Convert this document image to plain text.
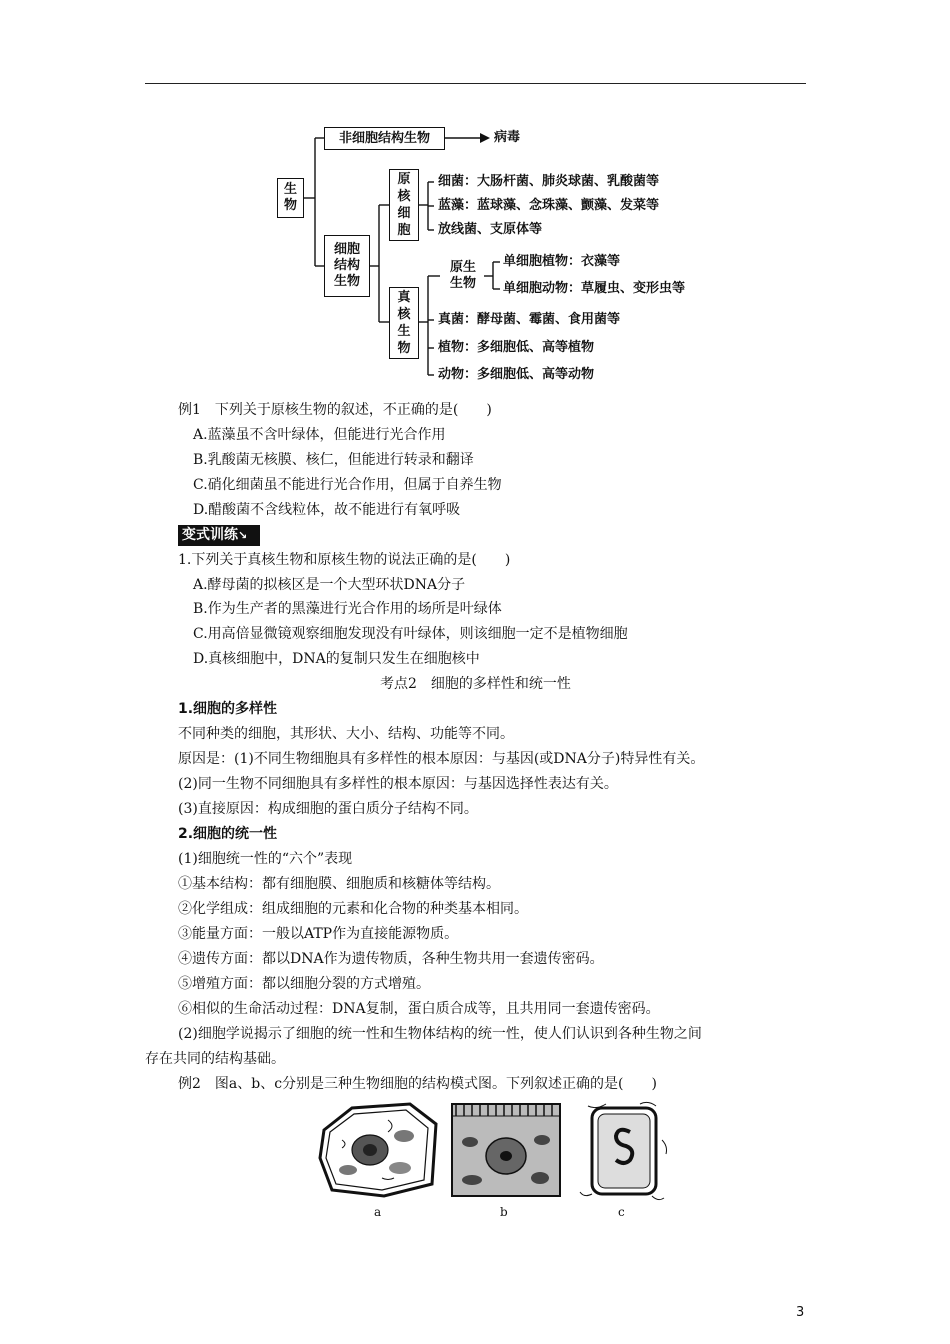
生物
非细胞结构生物	病毒
细胞结构生物
原核细胞
真核生物
原生生物
细菌：大肠杆菌、肺炎球菌、乳酸菌等
蓝藻：蓝球藻、念珠藻、颤藻、发菜等
放线菌、支原体等
单细胞植物：衣藻等
单细胞动物：草履虫、变形虫等
真菌：酵母菌、霉菌、食用菌等
植物：多细胞低、高等植物
动物：多细胞低、高等动物
例1　下列关于原核生物的叙述，不正确的是(　　)
A.蓝藻虽不含叶绿体，但能进行光合作用
B.乳酸菌无核膜、核仁，但能进行转录和翻译
C.硝化细菌虽不能进行光合作用，但属于自养生物
D.醋酸菌不含线粒体，故不能进行有氧呼吸
变式训练↘
1.下列关于真核生物和原核生物的说法正确的是(　　)
A.酵母菌的拟核区是一个大型环状DNA分子
B.作为生产者的黑藻进行光合作用的场所是叶绿体
C.用高倍显微镜观察细胞发现没有叶绿体，则该细胞一定不是植物细胞
D.真核细胞中，DNA的复制只发生在细胞核中
考点2　细胞的多样性和统一性
1.细胞的多样性
不同种类的细胞，其形状、大小、结构、功能等不同。
原因是：(1)不同生物细胞具有多样性的根本原因：与基因(或DNA分子)特异性有关。
(2)同一生物不同细胞具有多样性的根本原因：与基因选择性表达有关。
(3)直接原因：构成细胞的蛋白质分子结构不同。
2.细胞的统一性
(1)细胞统一性的“六个”表现
①基本结构：都有细胞膜、细胞质和核糖体等结构。
②化学组成：组成细胞的元素和化合物的种类基本相同。
③能量方面：一般以ATP作为直接能源物质。
④遗传方面：都以DNA作为遗传物质，各种生物共用一套遗传密码。
⑤增殖方面：都以细胞分裂的方式增殖。
⑥相似的生命活动过程：DNA复制，蛋白质合成等，且共用同一套遗传密码。
(2)细胞学说揭示了细胞的统一性和生物体结构的统一性，使人们认识到各种生物之间
存在共同的结构基础。
例2　图a、b、c分别是三种生物细胞的结构模式图。下列叙述正确的是(　　)
a	b	c
3
